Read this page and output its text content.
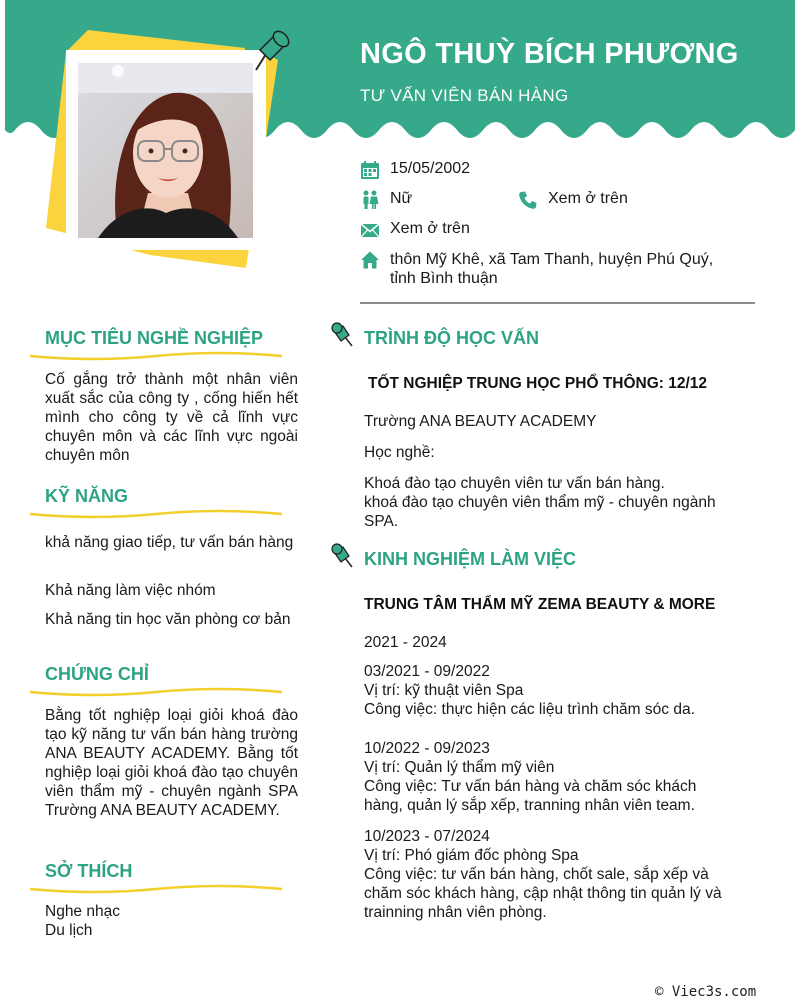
NGÔ THUỲ BÍCH PHƯƠNG
TƯ VẤN VIÊN BÁN HÀNG
15/05/2002
Nữ	Xem ở trên
Xem ở trên
thôn Mỹ Khê, xã Tam Thanh, huyện Phú Quý,
tỉnh Bình thuận
MỤC TIÊU NGHỀ NGHIỆP

Cố gắng trở thành một nhân viên xuất sắc của công ty , cống hiến hết mình cho công ty về cả lĩnh vực chuyên môn và các lĩnh vực ngoài chuyên môn

KỸ NĂNG

khả năng giao tiếp, tư vấn bán hàng

Khả năng làm việc nhóm

Khả năng tin học văn phòng cơ bản

CHỨNG CHỈ

Bằng tốt nghiệp loại giỏi khoá đào tạo kỹ năng tư vấn bán hàng trường ANA BEAUTY ACADEMY. Bằng tốt nghiệp loại giỏi khoá đào tạo chuyên viên thẩm mỹ - chuyên ngành SPA Trường ANA BEAUTY ACADEMY.

SỞ THÍCH

Nghe nhạc

Du lịch

TRÌNH ĐỘ HỌC VẤN

TỐT NGHIỆP TRUNG HỌC PHỔ THÔNG: 12/12

Trường ANA BEAUTY ACADEMY

Học nghề:

Khoá đào tạo chuyên viên tư vấn bán hàng.

khoá đào tạo chuyên viên thẩm mỹ - chuyên ngành SPA.

KINH NGHIỆM LÀM VIỆC

TRUNG TÂM THẨM MỸ ZEMA BEAUTY & MORE

2021 - 2024

03/2021 - 09/2022

Vị trí: kỹ thuật viên Spa

Công việc: thực hiện các liệu trình chăm sóc da.

10/2022 - 09/2023

Vị trí: Quản lý thẩm mỹ viên

Công việc: Tư vấn bán hàng và chăm sóc khách hàng, quản lý sắp xếp, tranning nhân viên team.

10/2023 - 07/2024

Vị trí: Phó giám đốc phòng Spa

Công việc: tư vấn bán hàng, chốt sale, sắp xếp và chăm sóc khách hàng, cập nhật thông tin quản lý và trainning nhân viên phòng.

© Viec3s.com
